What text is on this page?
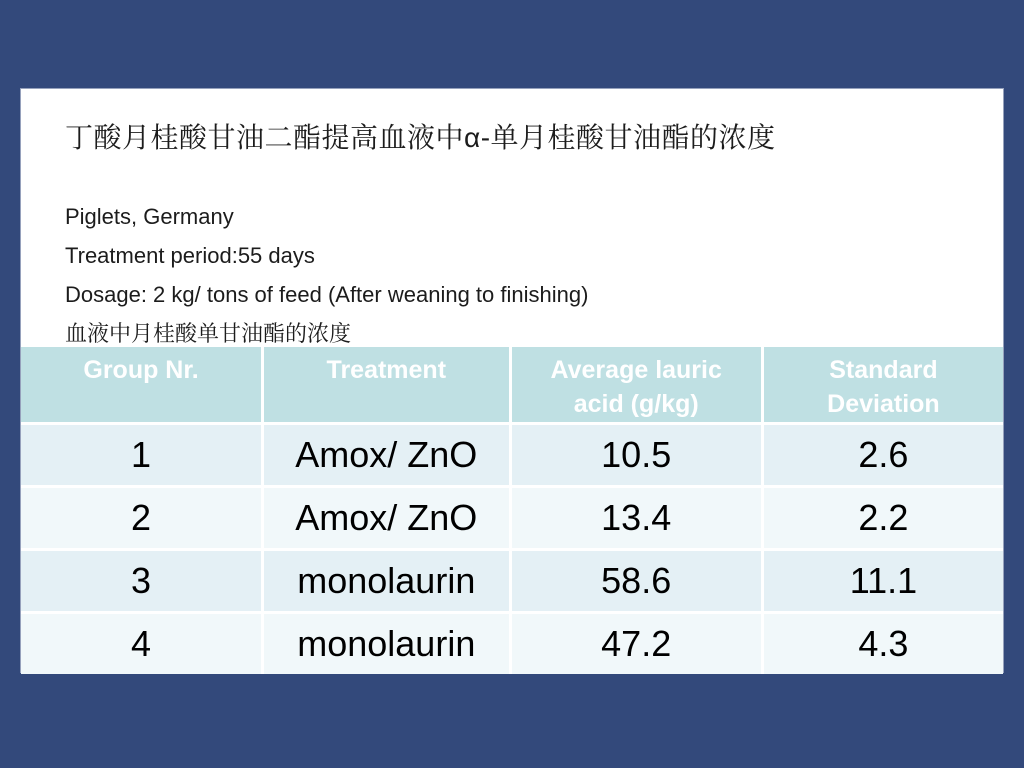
丁酸月桂酸甘油二酯提高血液中α-单月桂酸甘油酯的浓度
Piglets, Germany
Treatment period:55 days
Dosage: 2 kg/ tons of feed (After weaning to finishing)
血液中月桂酸单甘油酯的浓度
Group Nr.	Treatment	Average lauric acid (g/kg)	Standard Deviation
1	Amox/ ZnO	10.5	2.6
2	Amox/ ZnO	13.4	2.2
3	monolaurin	58.6	11.1
4	monolaurin	47.2	4.3
